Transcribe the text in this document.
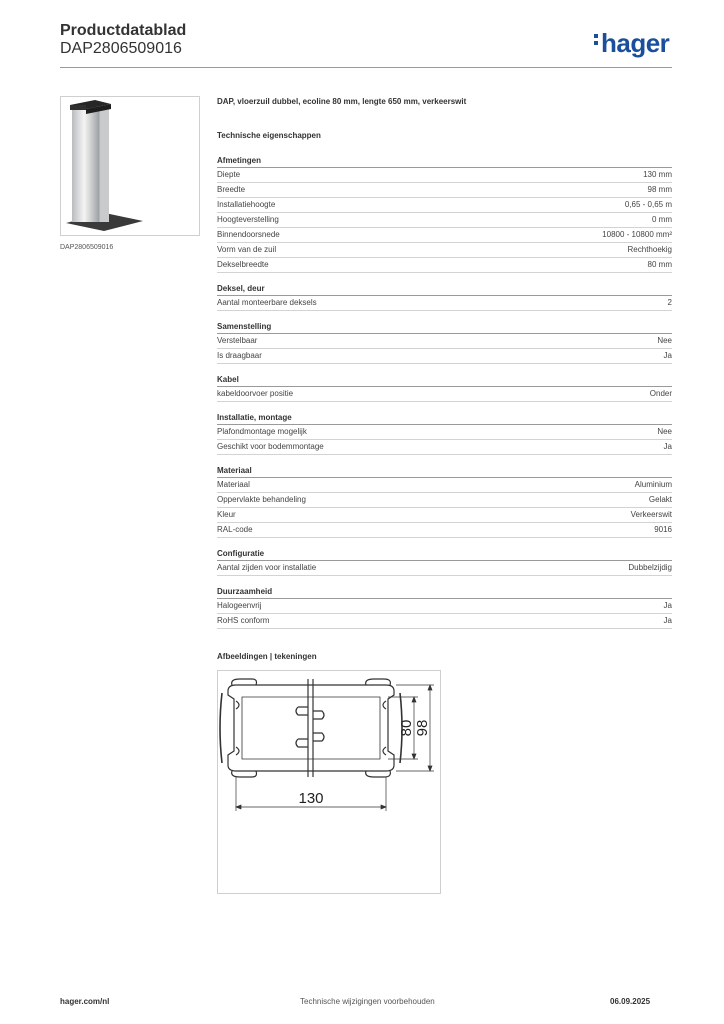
Productdatablad
DAP2806509016	hager
DAP2806509016
DAP, vloerzuil dubbel, ecoline 80 mm, lengte 650 mm, verkeerswit
Technische eigenschappen
Afmetingen
Diepte	130 mm
Breedte	98 mm
Installatiehoogte	0,65 - 0,65 m
Hoogteverstelling	0 mm
Binnendoorsnede	10800 - 10800 mm²
Vorm van de zuil	Rechthoekig
Dekselbreedte	80 mm
Deksel, deur
Aantal monteerbare deksels	2
Samenstelling
Verstelbaar	Nee
Is draagbaar	Ja
Kabel
kabeldoorvoer positie	Onder
Installatie, montage
Plafondmontage mogelijk	Nee
Geschikt voor bodemmontage	Ja
Materiaal
Materiaal	Aluminium
Oppervlakte behandeling	Gelakt
Kleur	Verkeerswit
RAL-code	9016
Configuratie
Aantal zijden voor installatie	Dubbelzijdig
Duurzaamheid
Halogeenvrij	Ja
RoHS conform	Ja
Afbeeldingen | tekeningen
130
80 98
hager.com/nl	Technische wijzigingen voorbehouden	06.09.2025
